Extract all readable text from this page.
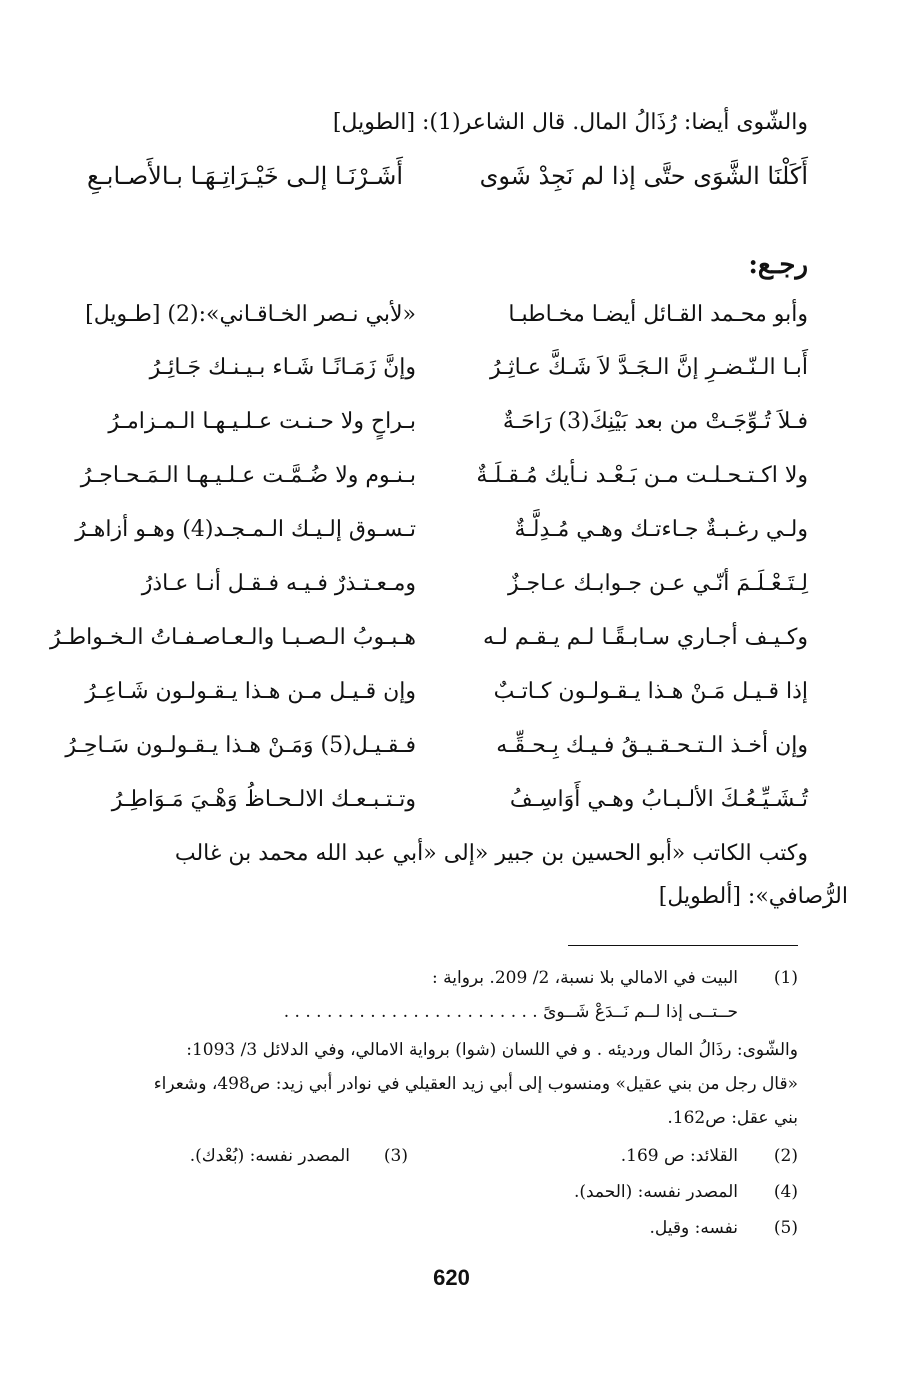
والشّوى أيضا: رُذَالُ المال. قال الشاعر(1): [الطويل]
أَكَلْنَا الشَّوَى حتَّى إذا لم نَجِدْ شَوى
أَشَـرْنَـا إلـى خَيْـرَاتِـهَـا بـالأَصـابـعِ
رجـع:
وأبو محـمد القـائل أيضـا مخـاطبـا
«لأبي نـصر الخـاقـاني»:(2) [طـويل]
أَبـا الـنّـضـرِ إنَّ الـجَـدَّ لاَ شَـكَّ عـاثِـرُ
وإنَّ زَمَـانًـا شَـاء بـيـنـك جَـائِـرُ
فـلاَ تُـوِّجَـتْ من بعد بَيْنِكَ(3) رَاحَـةٌ
بـراحٍ ولا حـنـت عـلـيـهـا الـمـزامـرُ
ولا اكـتـحـلـت مـن بَـعْـد نـأيك مُـقـلَـةٌ
بـنـوم ولا ضُـمَّـت عـلـيـهـا الـمَـحـاجـرُ
ولـي رغـبـةٌ جـاءتـك وهـي مُـدِلَّـةٌ
تـسـوق إلـيـك الـمـجـد(4) وهـو أزاهـرُ
لِـتَـعْـلَـمَ أنّـي عـن جـوابـك عـاجـزٌ
ومـعـتـذرٌ فـيـه فـقـل أنـا عـاذرُ
وكـيـف أجـاري سـابـقًـا لـم يـقـم لـه
هـبـوبُ الـصـبـا والـعـاصـفـاتُ الـخـواطـرُ
إذا قـيـل مَـنْ هـذا يـقـولـون كـاتـبٌ
وإن قـيـل مـن هـذا يـقـولـون شَـاعِـرُ
وإن أخـذ الـتـحـقـيـقُ فـيـك بِـحـقِّـه
فـقـيـل(5) وَمَـنْ هـذا يـقـولـون سَـاحِـرُ
تُـشَـيِّـعُـكَ الألـبـابُ وهـي أَوَاسِـفُ
وتـتـبـعـك الالـحـاظُ وَهْـيَ مَـوَاطِـرُ
وكتب الكاتب «أبو الحسين بن جبير «إلى «أبي عبد الله محمد بن غالب
الرُّصافي»: [ألطويل]
(1)
البيت في الامالي بلا نسبة، 2/ 209. برواية :
حــتــى إذا لــم نَــدَعْ شَــوىً . . . . . . . . . . . . . . . . . . . . . . . .
والشّوى: رذَالُ المال ورديئه . و في اللسان (شوا) برواية الامالي، وفي الدلائل 3/ 1093:
«قال رجل من بني عقيل» ومنسوب إلى أبي زيد العقيلي في نوادر أبي زيد: ص498، وشعراء
بني عقل: ص162.
(2)
القلائد: ص 169.
(3)
المصدر نفسه: (بُعْدك).
(4)
المصدر نفسه: (الحمد).
(5)
نفسه: وقيل.
620
